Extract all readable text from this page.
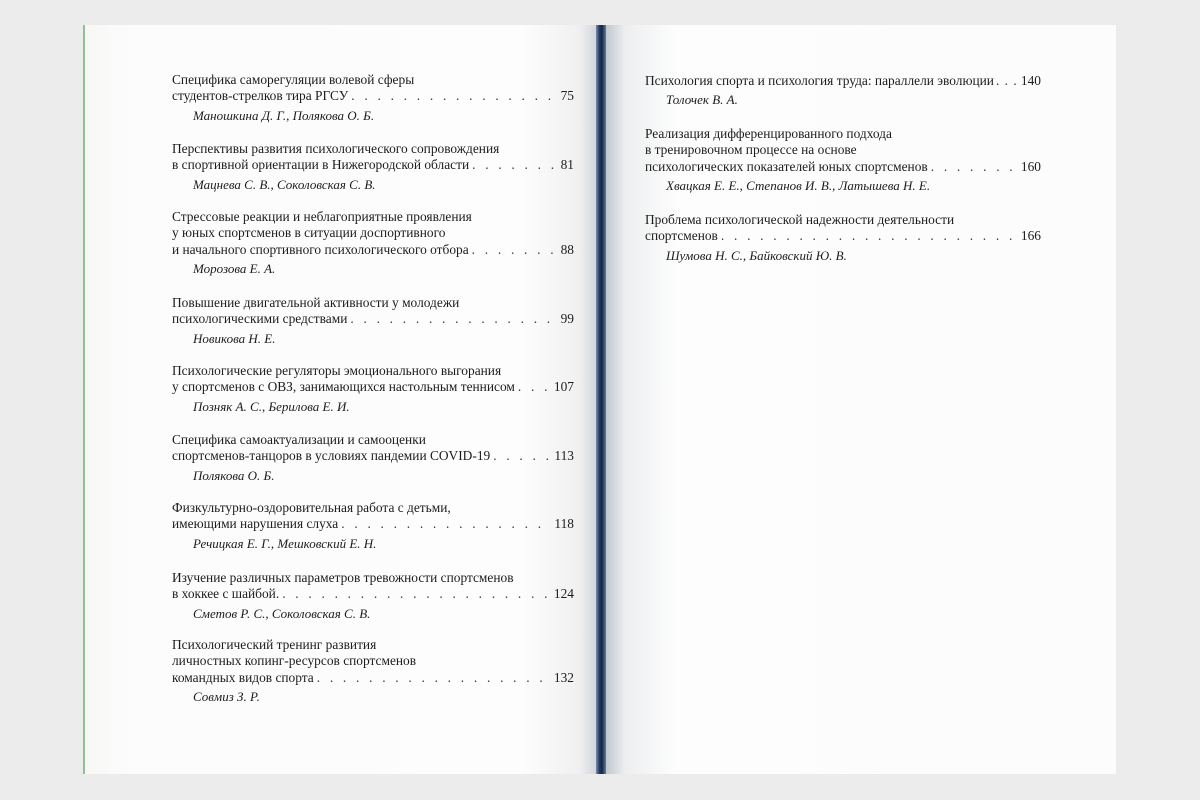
Специфика саморегуляции волевой сферы
студентов-стрелков тира РГСУ . . .	75
Маношкина Д. Г., Полякова О. Б.
Перспективы развития психологического сопровождения
в спортивной ориентации в Нижегородской области . . .	81
Мацнева С. В., Соколовская С. В.
Стрессовые реакции и неблагоприятные проявления
у юных спортсменов в ситуации доспортивного
и начального спортивного психологического отбора . . .	88
Морозова Е. А.
Повышение двигательной активности у молодежи
психологическими средствами . . .	99
Новикова Н. Е.
Психологические регуляторы эмоционального выгорания
у спортсменов с ОВЗ, занимающихся настольным теннисом . . .	107
Позняк А. С., Берилова Е. И.
Специфика самоактуализации и самооценки
спортсменов-танцоров в условиях пандемии COVID-19 . . .	113
Полякова О. Б.
Физкультурно-оздоровительная работа с детьми,
имеющими нарушения слуха . . .	118
Речицкая Е. Г., Мешковский Е. Н.
Изучение различных параметров тревожности спортсменов
в хоккее с шайбой. . . .	124
Сметов Р. С., Соколовская С. В.
Психологический тренинг развития
личностных копинг-ресурсов спортсменов
командных видов спорта . . .	132
Совмиз З. Р.
Психология спорта и психология труда: параллели эволюции . . . 140
Толочек В. А.
Реализация дифференцированного подхода
в тренировочном процессе на основе
психологических показателей юных спортсменов . . .	160
Хвацкая Е. Е., Степанов И. В., Латышева Н. Е.
Проблема психологической надежности деятельности
спортсменов . . .	166
Шумова Н. С., Байковский Ю. В.
